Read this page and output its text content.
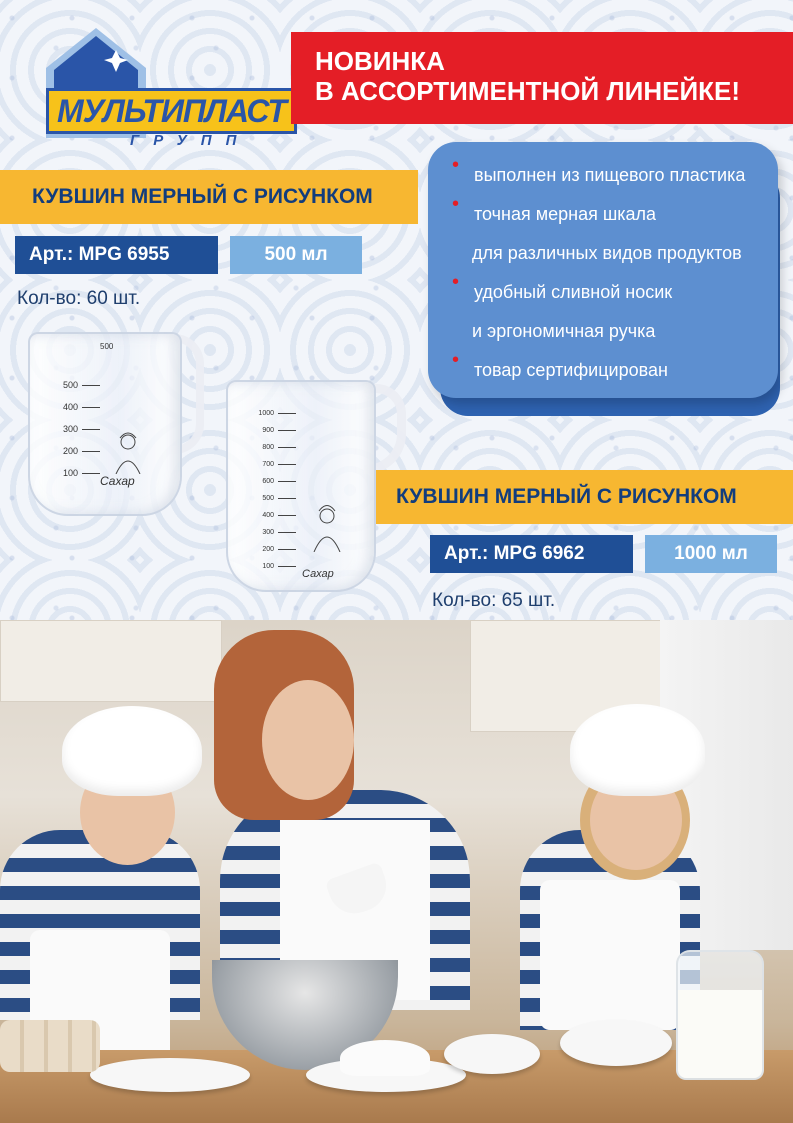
МУЛЬТИПЛАСТ
ГРУПП
НОВИНКА
В АССОРТИМЕНТНОЙ ЛИНЕЙКЕ!
КУВШИН МЕРНЫЙ С РИСУНКОМ
Арт.: MPG 6955	500 мл
Кол-во: 60 шт.
• выполнен из пищевого пластика
• точная мерная шкала
для различных видов продуктов
• удобный сливной носик
и эргономичная ручка
• товар сертифицирован
500
500
400
300
200
100
Сахар
1000
900
800
700
600
500
400
300
200
100
Сахар
КУВШИН МЕРНЫЙ С РИСУНКОМ
Арт.: MPG 6962	1000 мл
Кол-во: 65 шт.
